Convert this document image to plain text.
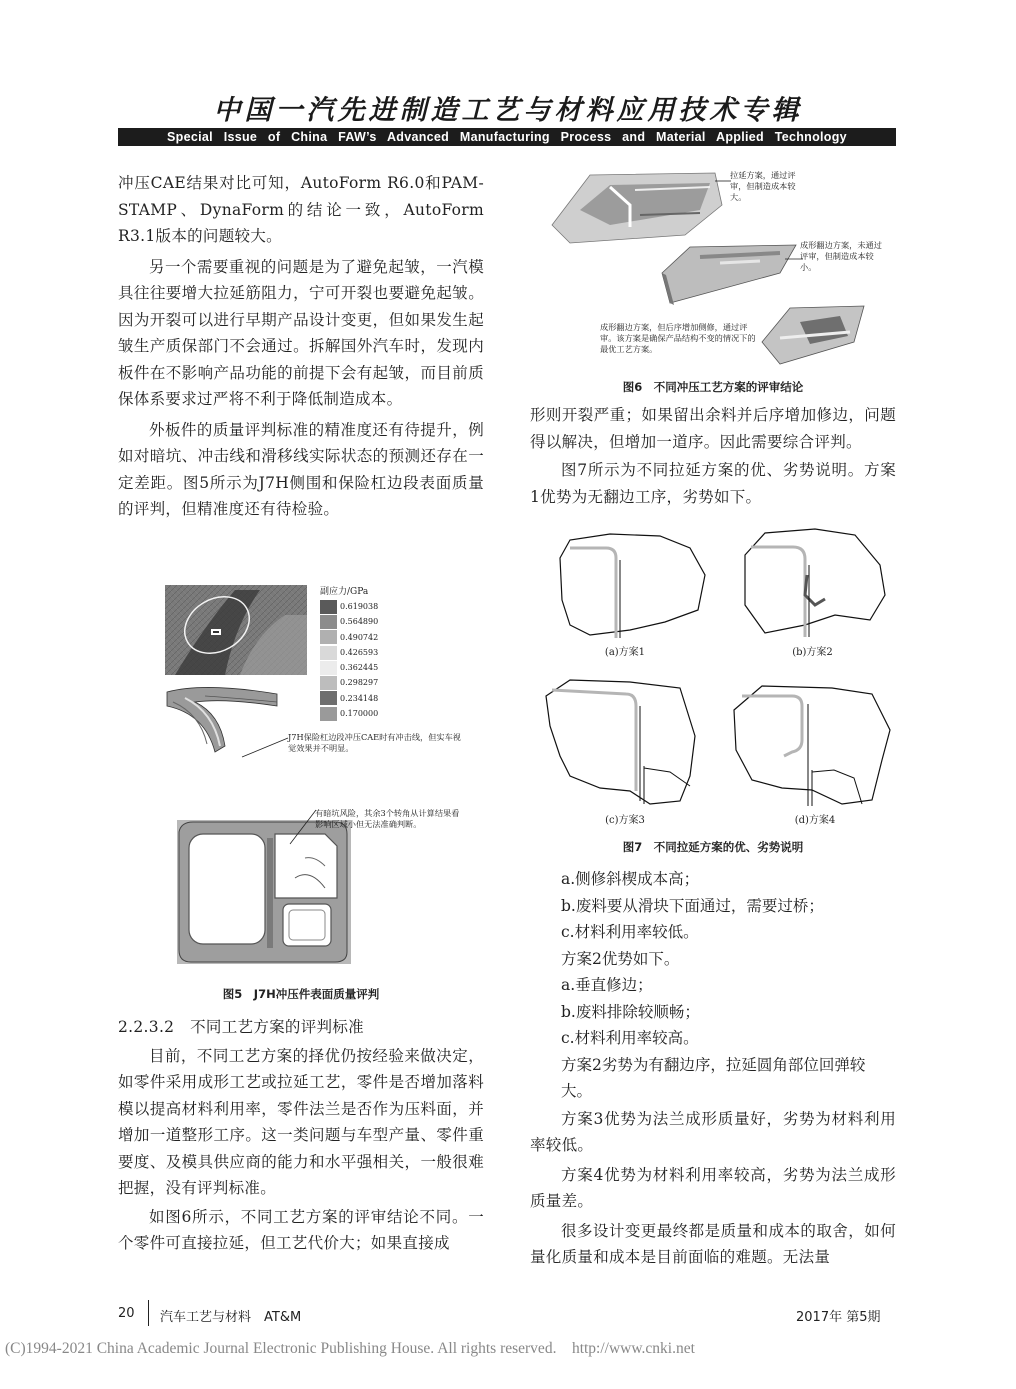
中国一汽先进制造工艺与材料应用技术专辑
Special Issue of China FAW’s Advanced Manufacturing Process and Material Applied Technology

冲压CAE结果对比可知，AutoForm R6.0和PAM-STAMP、DynaForm的结论一致，AutoForm R3.1版本的问题较大。

另一个需要重视的问题是为了避免起皱，一汽模具往往要增大拉延筋阻力，宁可开裂也要避免起皱。因为开裂可以进行早期产品设计变更，但如果发生起皱生产质保部门不会通过。拆解国外汽车时，发现内板件在不影响产品功能的前提下会有起皱，而目前质保体系要求过严将不利于降低制造成本。

外板件的质量评判标准的精准度还有待提升，例如对暗坑、冲击线和滑移线实际状态的预测还存在一定差距。图5所示为J7H侧围和保险杠边段表面质量的评判，但精准度还有待检验。

副应力/GPa
0.619038
0.564890
0.490742
0.426593
0.362445
0.298297
0.234148
0.170000
J7H保险杠边段冲压CAE时有冲击线，但实车视觉效果并不明显。
有暗坑风险，其余3个转角从计算结果看影响区域小但无法准确判断。
图5　J7H冲压件表面质量评判

2.2.3.2　不同工艺方案的评判标准

目前，不同工艺方案的择优仍按经验来做决定，如零件采用成形工艺或拉延工艺，零件是否增加落料模以提高材料利用率，零件法兰是否作为压料面，并增加一道整形工序。这一类问题与车型产量、零件重要度、及模具供应商的能力和水平强相关，一般很难把握，没有评判标准。

如图6所示，不同工艺方案的评审结论不同。一个零件可直接拉延，但工艺代价大；如果直接成

拉延方案，通过评审，但制造成本较大。
成形翻边方案，未通过评审，但制造成本较小。
成形翻边方案，但后序增加侧修，通过评审。该方案是确保产品结构不变的情况下的最优工艺方案。
图6　不同冲压工艺方案的评审结论

形则开裂严重；如果留出余料并后序增加修边，问题得以解决，但增加一道序。因此需要综合评判。

图7所示为不同拉延方案的优、劣势说明。方案1优势为无翻边工序，劣势如下。

(a)方案1	(b)方案2
(c)方案3	(d)方案4
图7　不同拉延方案的优、劣势说明
a.侧修斜楔成本高；
b.废料要从滑块下面通过，需要过桥；
c.材料利用率较低。
方案2优势如下。
a.垂直修边；
b.废料排除较顺畅；
c.材料利用率较高。
方案2劣势为有翻边序，拉延圆角部位回弹较大。

方案3优势为法兰成形质量好，劣势为材料利用率较低。

方案4优势为材料利用率较高，劣势为法兰成形质量差。

很多设计变更最终都是质量和成本的取舍，如何量化质量和成本是目前面临的难题。无法量

20 汽车工艺与材料　AT&M	2017年 第5期
(C)1994-2021 China Academic Journal Electronic Publishing House. All rights reserved.    http://www.cnki.net
